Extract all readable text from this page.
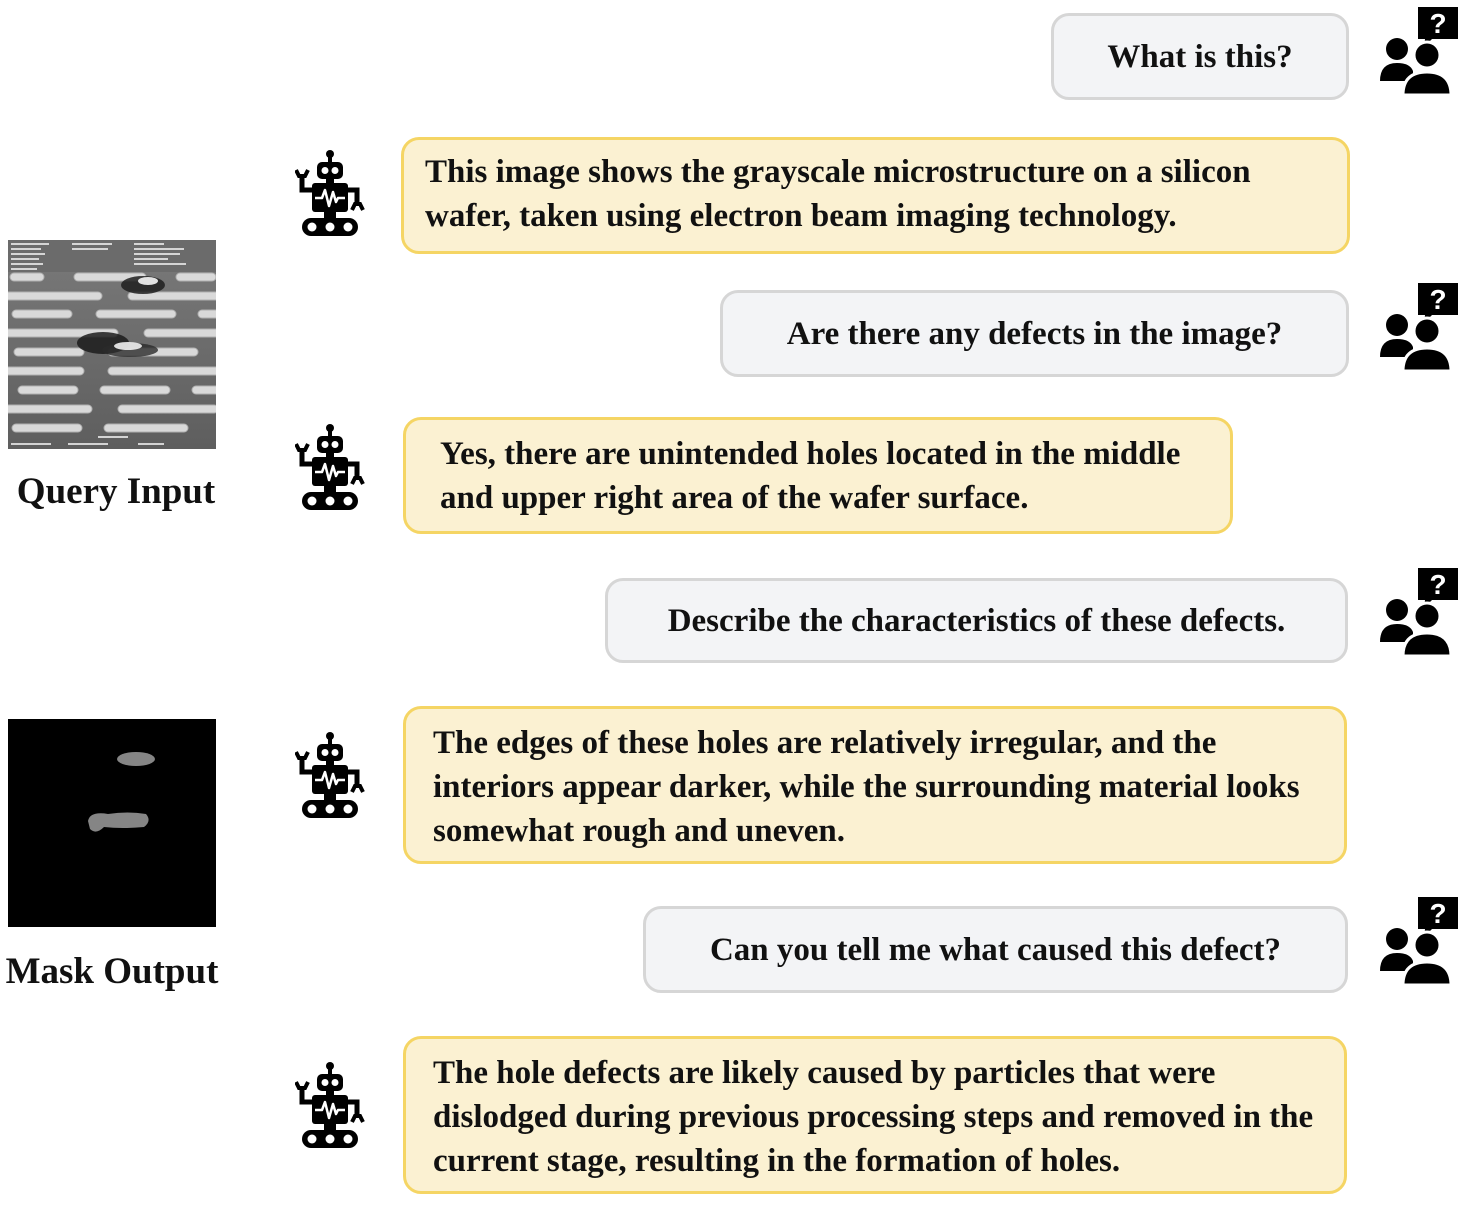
Query Input
Mask Output
What is this?
This image shows the grayscale microstructure on a silicon wafer, taken using electron beam imaging technology.
Are there any defects in the image?
Yes, there are unintended holes located in the middle and upper right area of the wafer surface.
Describe the characteristics of these defects.
The edges of these holes are relatively irregular, and the interiors appear darker, while the surrounding material looks somewhat rough and uneven.
Can you tell me what caused this defect?
The hole defects are likely caused by particles that were dislodged during previous processing steps and removed in the current stage, resulting in the formation of holes.
